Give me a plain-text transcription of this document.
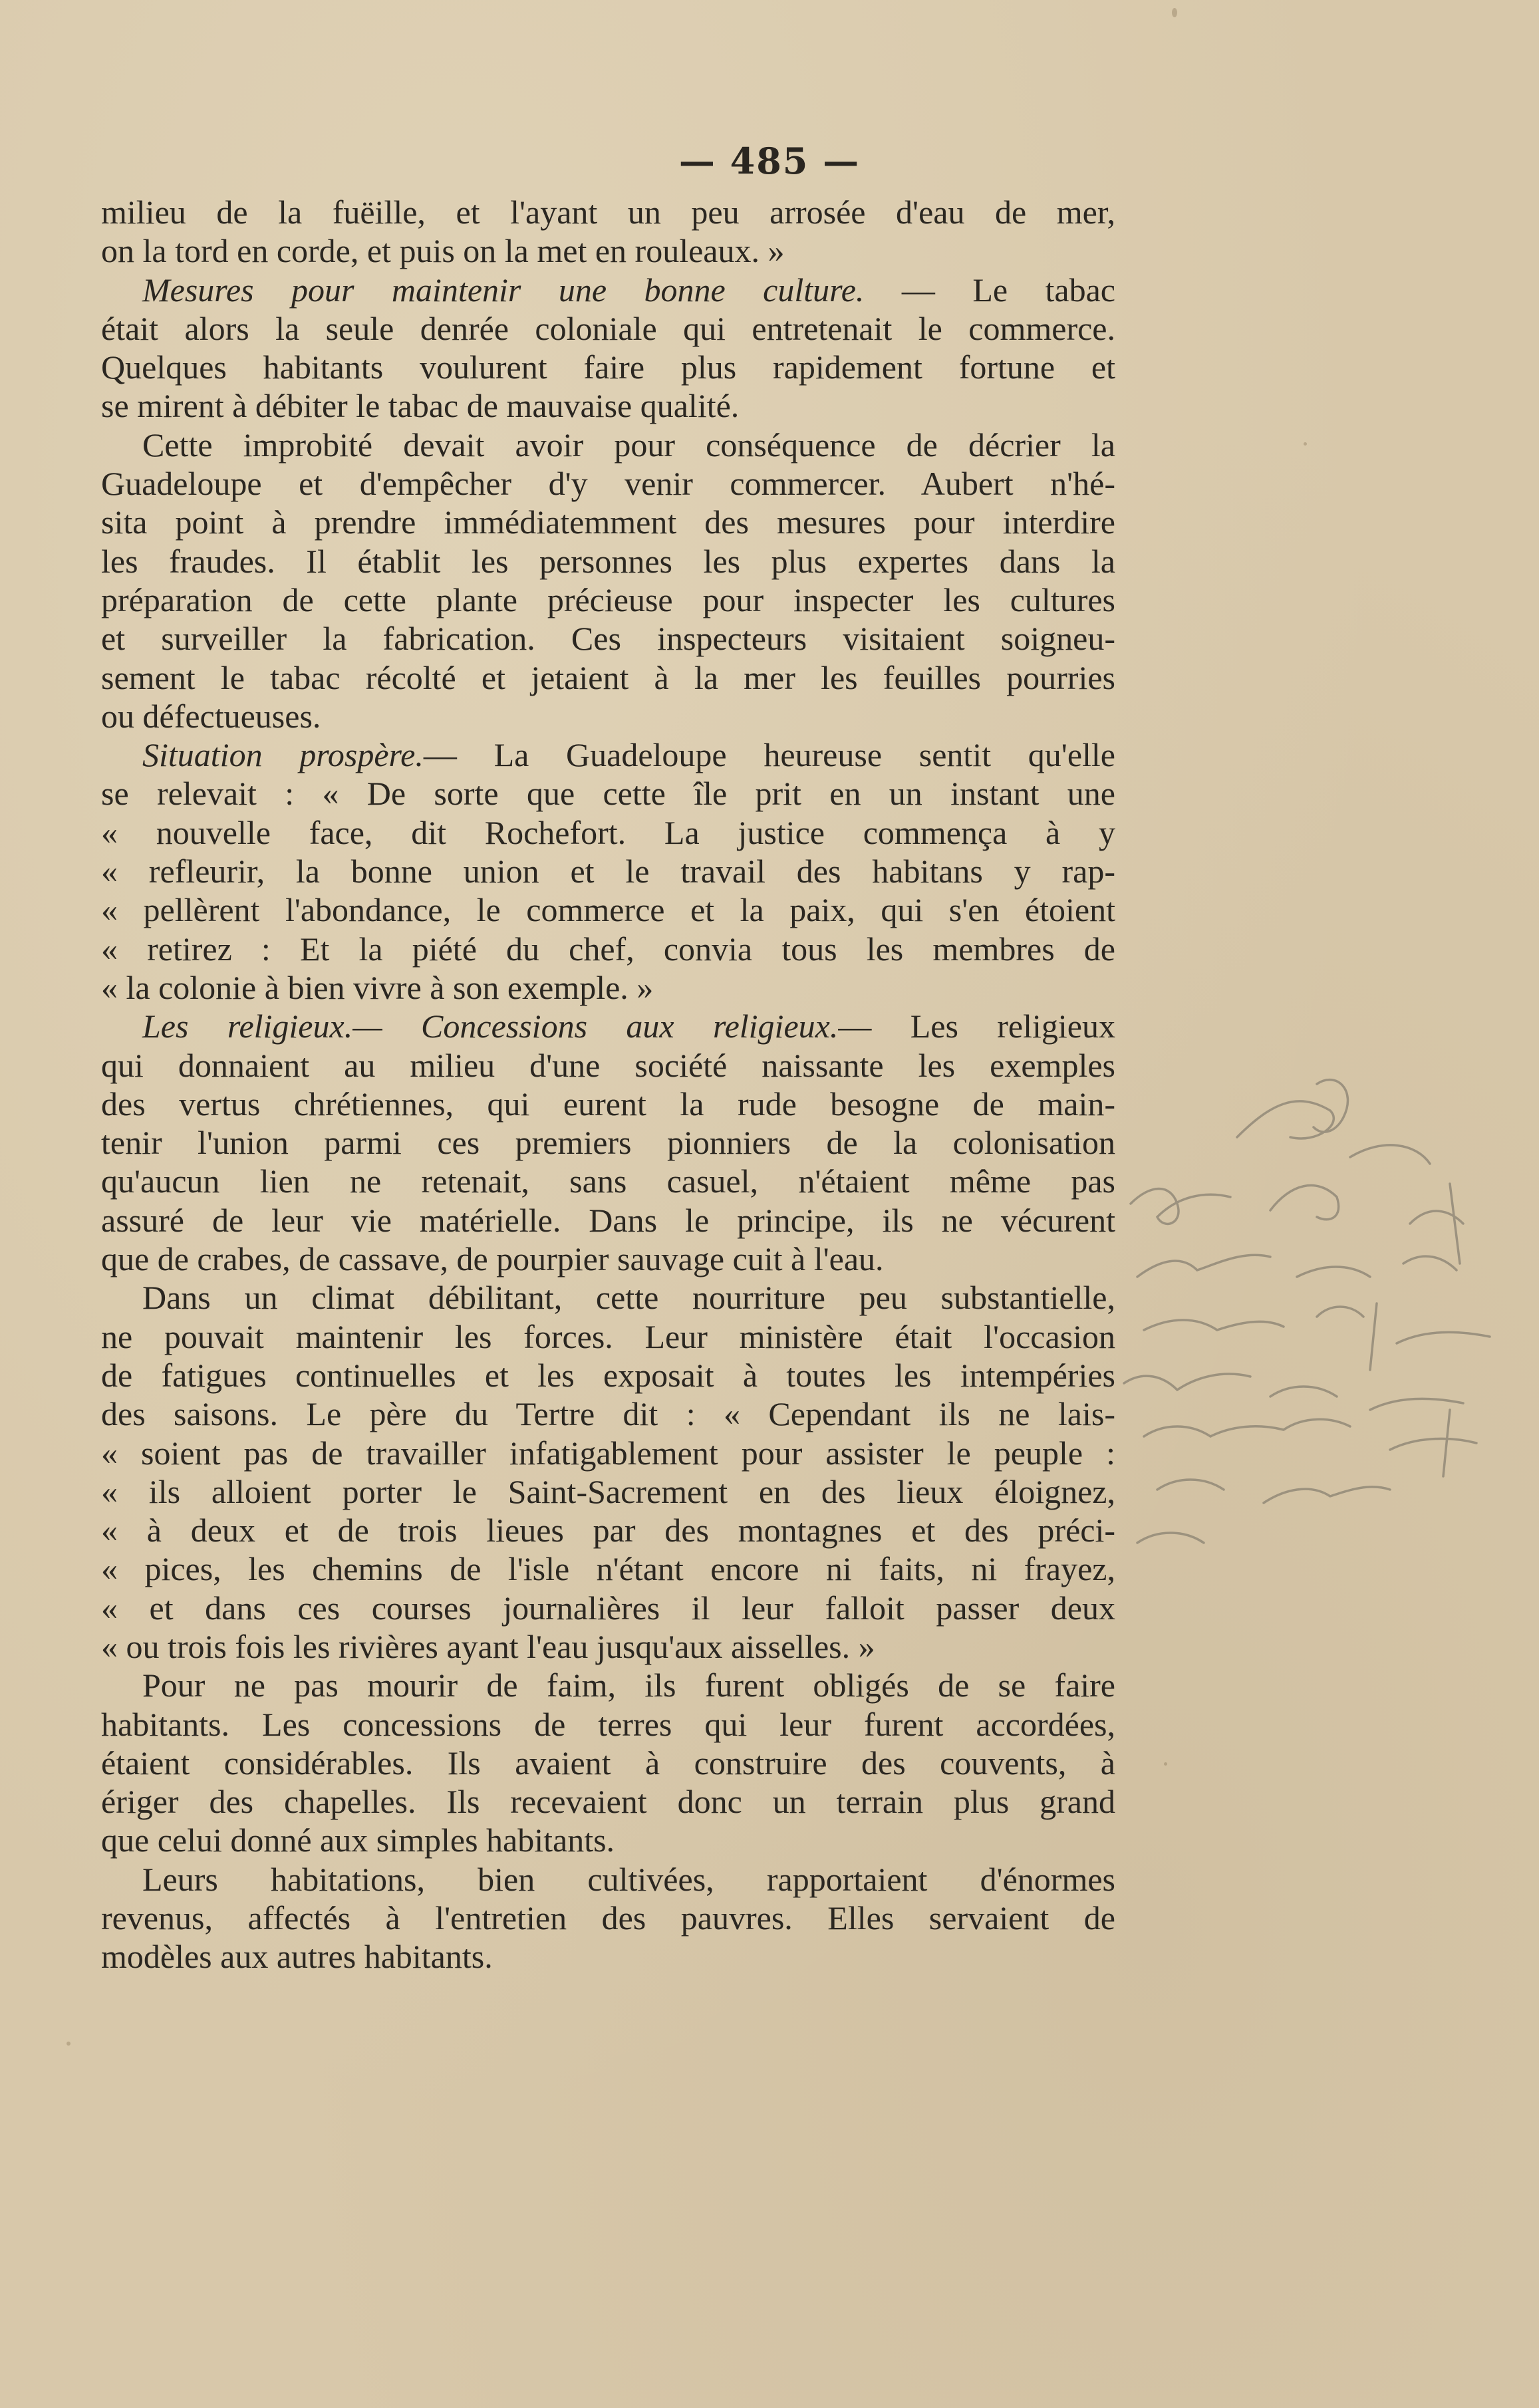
— 485 —
milieu de la fuëille, et l'ayant un peu arrosée d'eau de mer,
on la tord en corde, et puis on la met en rouleaux. »
Mesures pour maintenir une bonne culture. — Le tabac
était alors la seule denrée coloniale qui entretenait le commerce.
Quelques habitants voulurent faire plus rapidement fortune et
se mirent à débiter le tabac de mauvaise qualité.
Cette improbité devait avoir pour conséquence de décrier la
Guadeloupe et d'empêcher d'y venir commercer. Aubert n'hé-
sita point à prendre immédiatemment des mesures pour interdire
les fraudes. Il établit les personnes les plus expertes dans la
préparation de cette plante précieuse pour inspecter les cultures
et surveiller la fabrication. Ces inspecteurs visitaient soigneu-
sement le tabac récolté et jetaient à la mer les feuilles pourries
ou défectueuses.
Situation prospère.— La Guadeloupe heureuse sentit qu'elle
se relevait : « De sorte que cette île prit en un instant une
« nouvelle face, dit Rochefort. La justice commença à y
« refleurir, la bonne union et le travail des habitans y rap-
« pellèrent l'abondance, le commerce et la paix, qui s'en étoient
« retirez : Et la piété du chef, convia tous les membres de
« la colonie à bien vivre à son exemple. »
Les religieux.— Concessions aux religieux.— Les religieux
qui donnaient au milieu d'une société naissante les exemples
des vertus chrétiennes, qui eurent la rude besogne de main-
tenir l'union parmi ces premiers pionniers de la colonisation
qu'aucun lien ne retenait, sans casuel, n'étaient même pas
assuré de leur vie matérielle. Dans le principe, ils ne vécurent
que de crabes, de cassave, de pourpier sauvage cuit à l'eau.
Dans un climat débilitant, cette nourriture peu substantielle,
ne pouvait maintenir les forces. Leur ministère était l'occasion
de fatigues continuelles et les exposait à toutes les intempéries
des saisons. Le père du Tertre dit : « Cependant ils ne lais-
« soient pas de travailler infatigablement pour assister le peuple :
« ils alloient porter le Saint-Sacrement en des lieux éloignez,
« à deux et de trois lieues par des montagnes et des préci-
« pices, les chemins de l'isle n'étant encore ni faits, ni frayez,
« et dans ces courses journalières il leur falloit passer deux
« ou trois fois les rivières ayant l'eau jusqu'aux aisselles. »
Pour ne pas mourir de faim, ils furent obligés de se faire
habitants. Les concessions de terres qui leur furent accordées,
étaient considérables. Ils avaient à construire des couvents, à
ériger des chapelles. Ils recevaient donc un terrain plus grand
que celui donné aux simples habitants.
Leurs habitations, bien cultivées, rapportaient d'énormes
revenus, affectés à l'entretien des pauvres. Elles servaient de
modèles aux autres habitants.
